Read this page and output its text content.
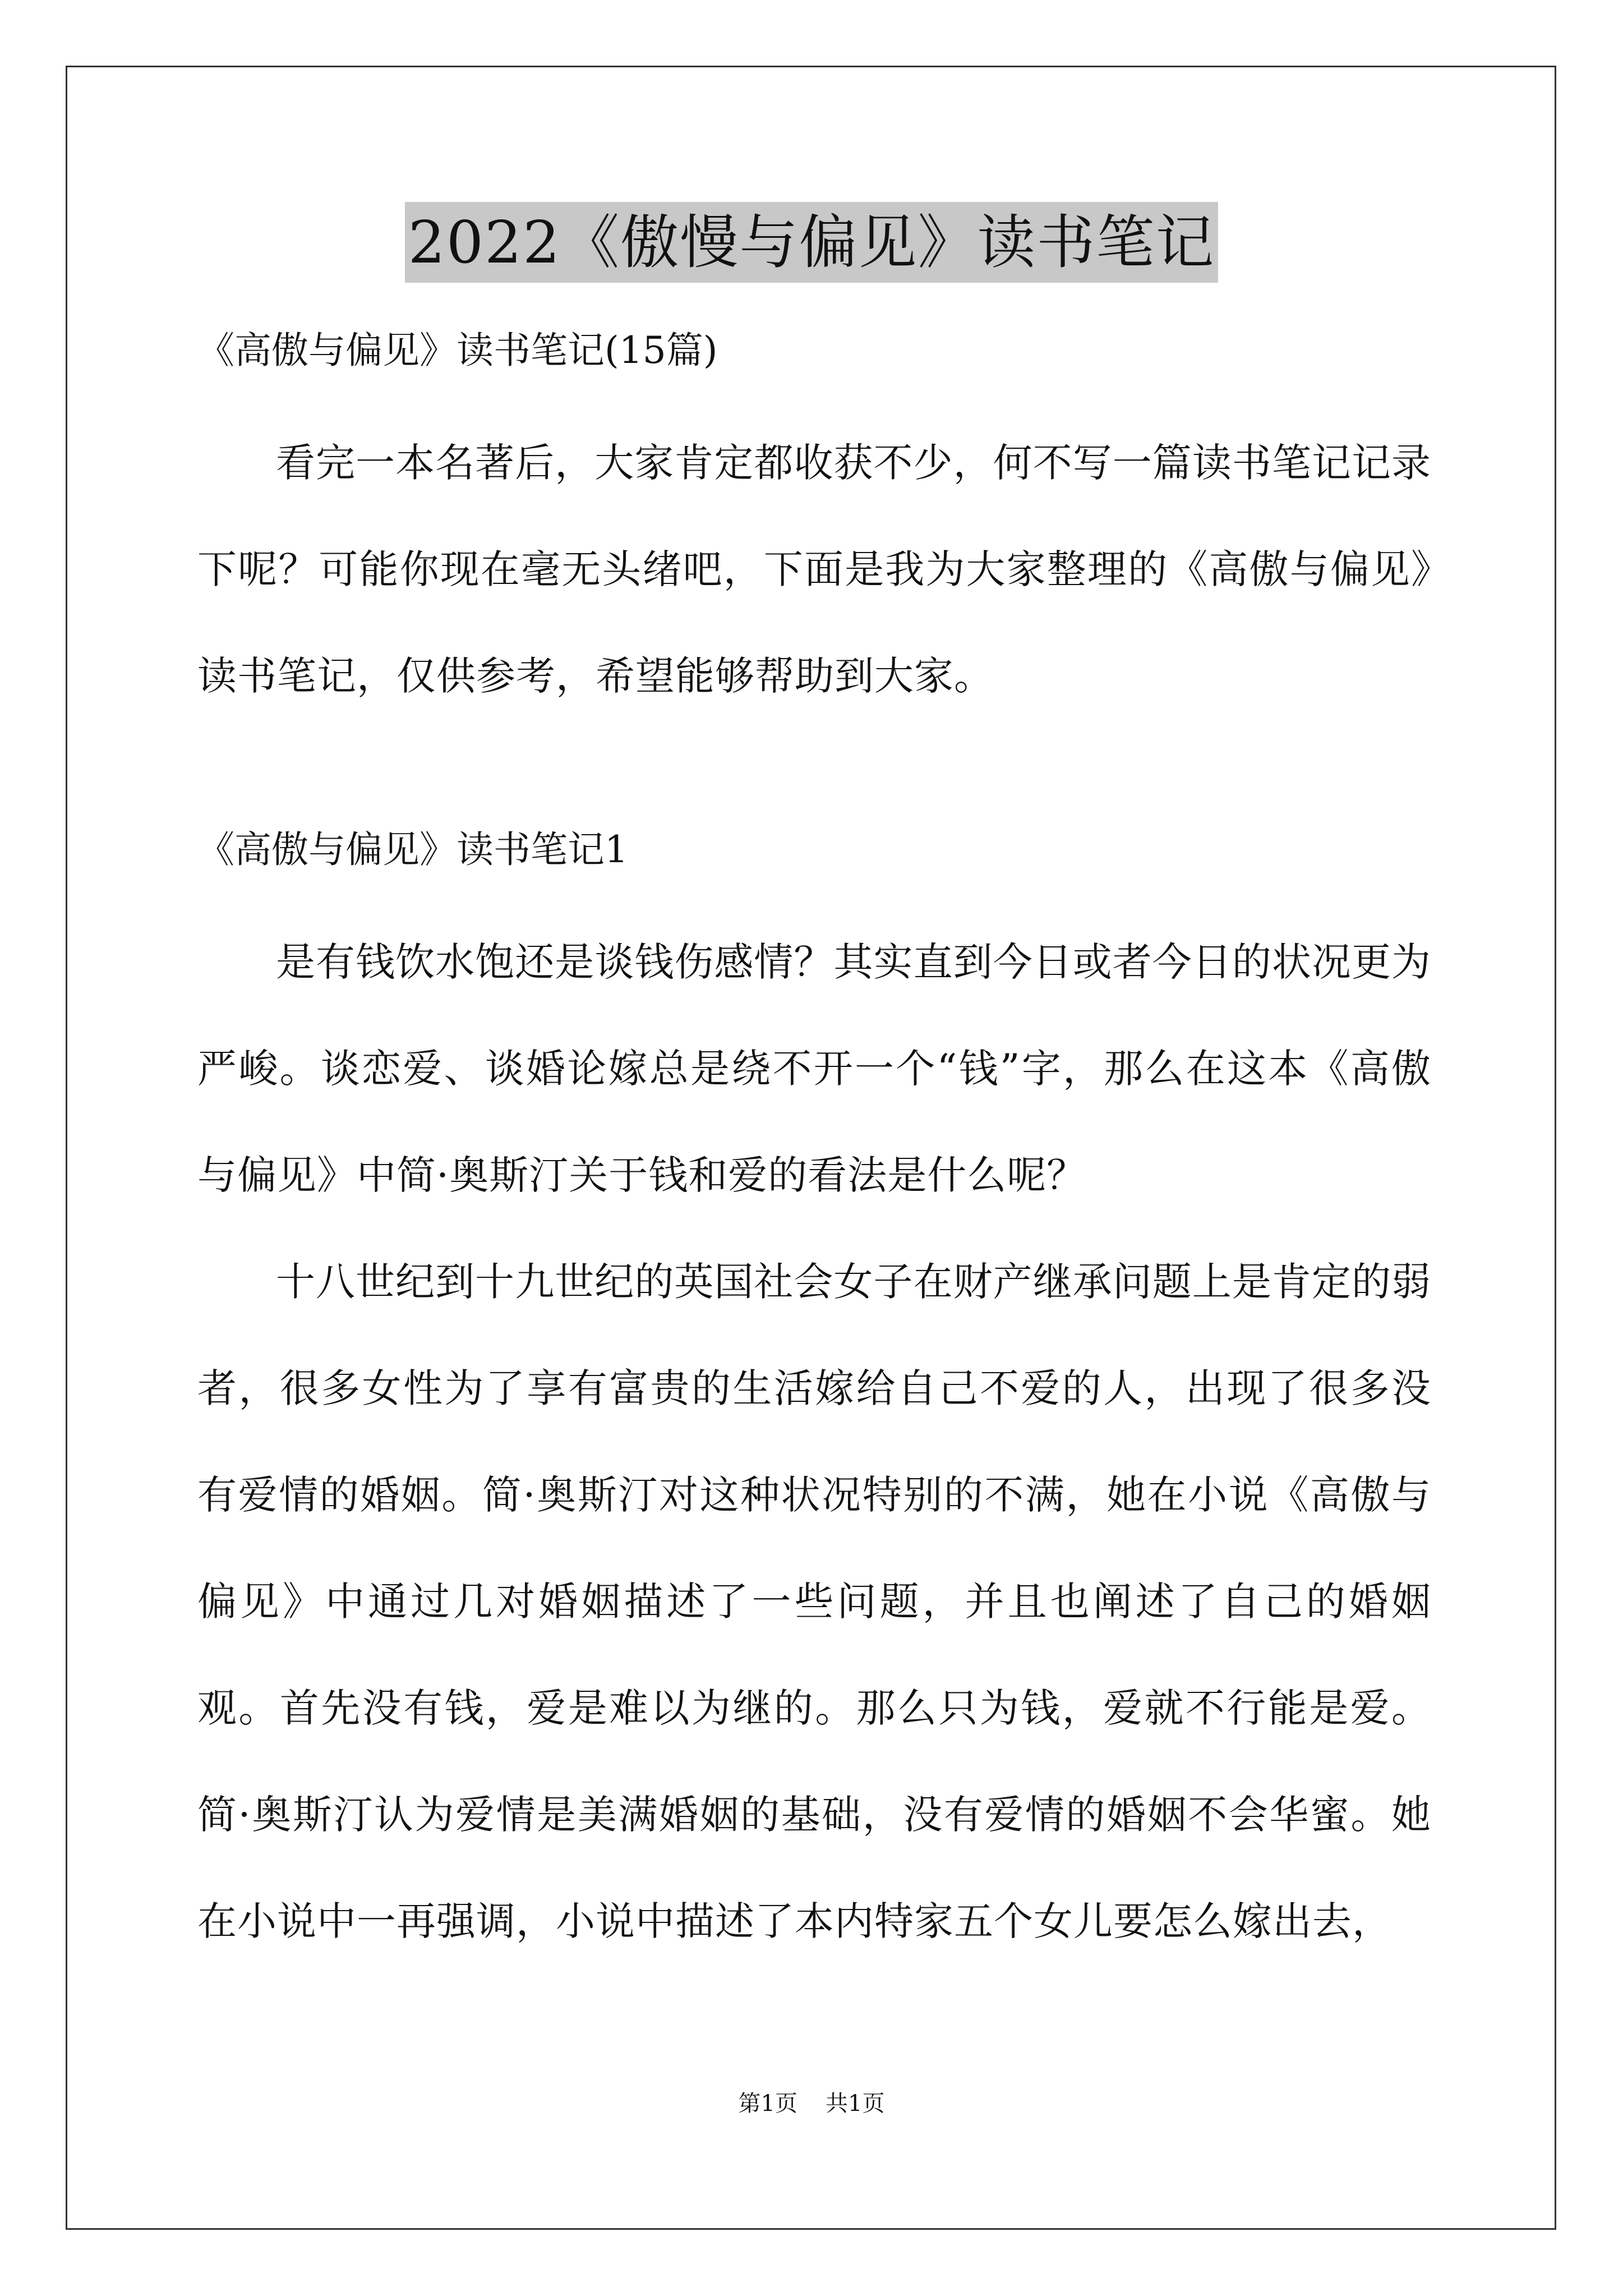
2022《傲慢与偏见》读书笔记
《高傲与偏见》读书笔记(15篇)
看完一本名著后，大家肯定都收获不少，何不写一篇读书笔记记录下呢？可能你现在毫无头绪吧，下面是我为大家整理的《高傲与偏见》读书笔记，仅供参考，希望能够帮助到大家。
《高傲与偏见》读书笔记1
是有钱饮水饱还是谈钱伤感情？其实直到今日或者今日的状况更为严峻。谈恋爱、谈婚论嫁总是绕不开一个“钱”字，那么在这本《高傲与偏见》中简·奥斯汀关于钱和爱的看法是什么呢？
十八世纪到十九世纪的英国社会女子在财产继承问题上是肯定的弱者，很多女性为了享有富贵的生活嫁给自己不爱的人，出现了很多没有爱情的婚姻。简·奥斯汀对这种状况特别的不满，她在小说《高傲与偏见》中通过几对婚姻描述了一些问题，并且也阐述了自己的婚姻观。首先没有钱，爱是难以为继的。那么只为钱，爱就不行能是爱。简·奥斯汀认为爱情是美满婚姻的基础，没有爱情的婚姻不会华蜜。她在小说中一再强调，小说中描述了本内特家五个女儿要怎么嫁出去，
第1页 共1页
